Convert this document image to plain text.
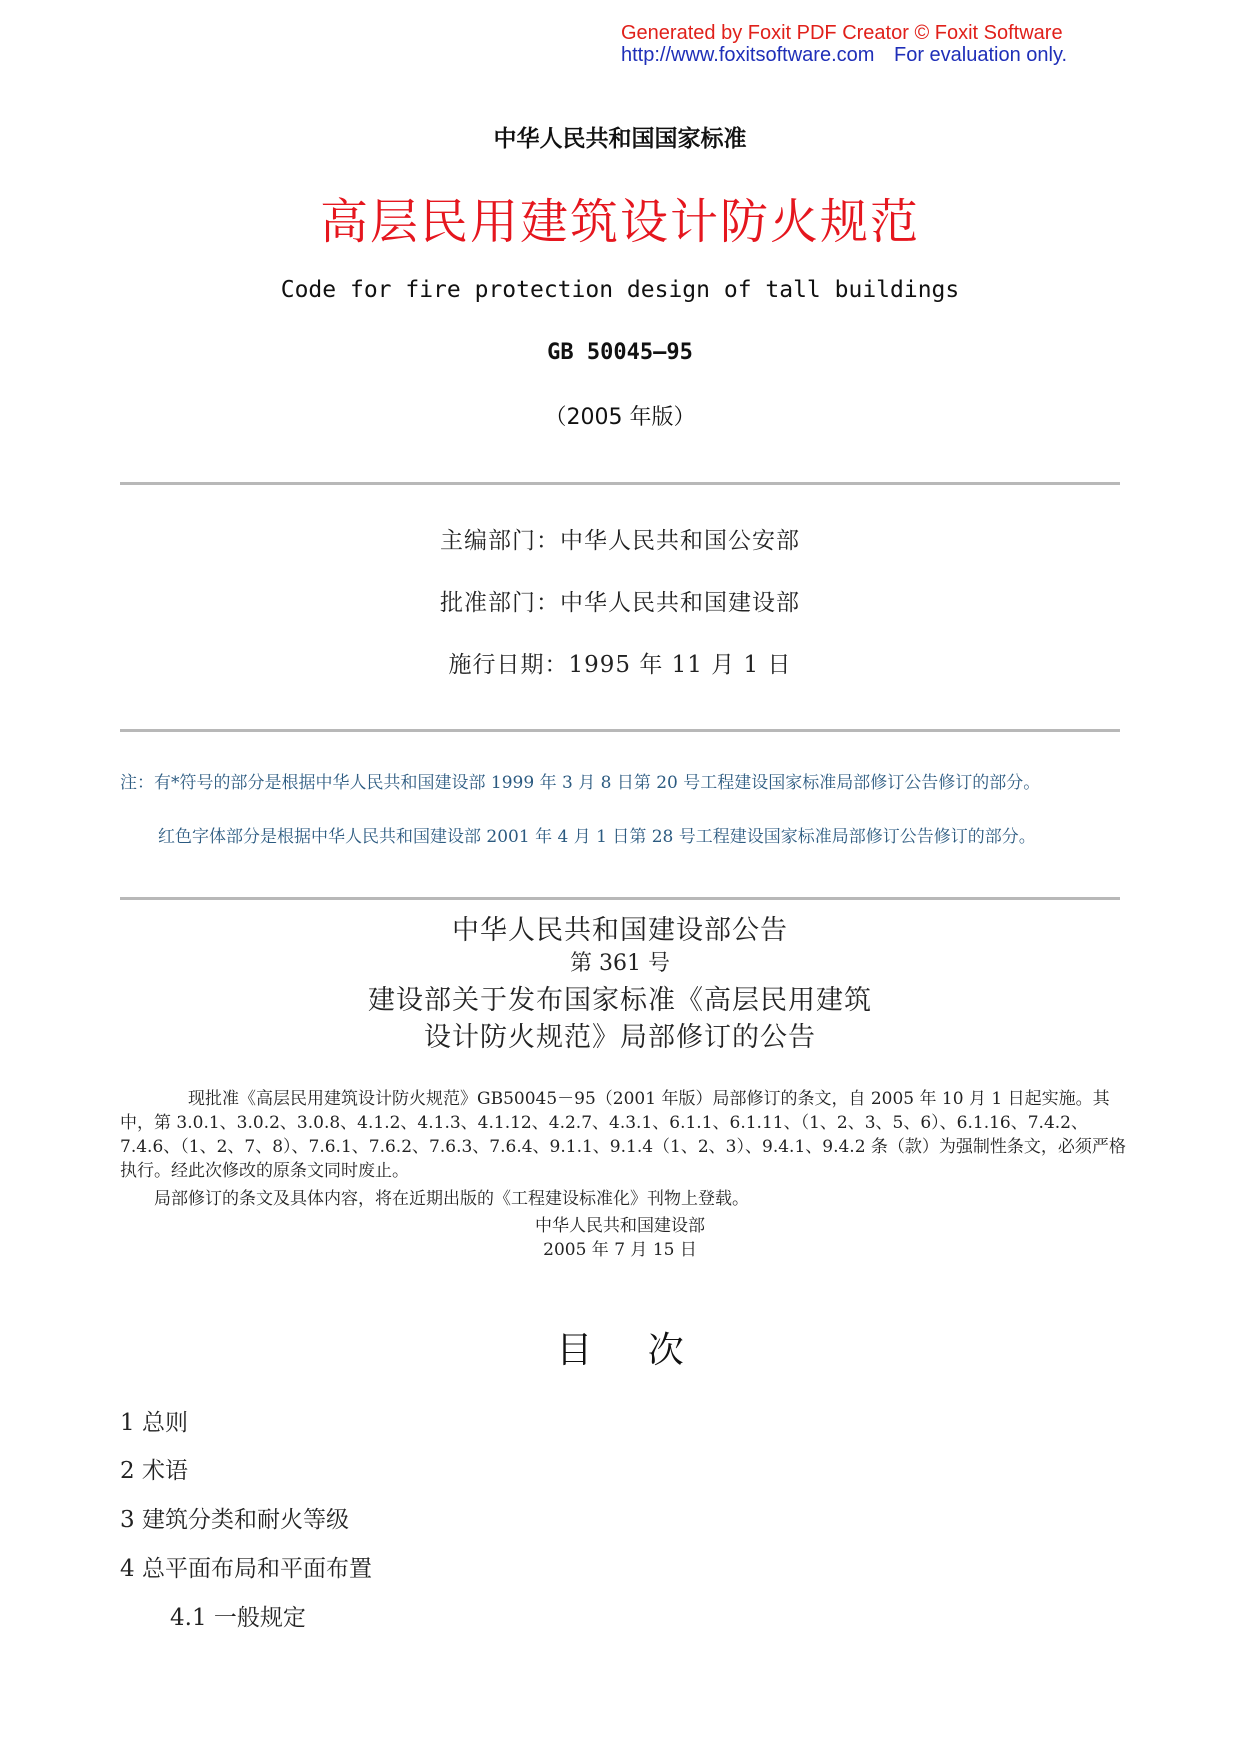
Generated by Foxit PDF Creator © Foxit Software
http://www.foxitsoftware.com For evaluation only.
中华人民共和国国家标准
高层民用建筑设计防火规范
Code for fire protection design of tall buildings
GB 50045—95
（2005 年版）
主编部门：中华人民共和国公安部
批准部门：中华人民共和国建设部
施行日期：1995 年 11 月 1 日
注：有*符号的部分是根据中华人民共和国建设部 1999 年 3 月 8 日第 20 号工程建设国家标准局部修订公告修订的部分。
红色字体部分是根据中华人民共和国建设部 2001 年 4 月 1 日第 28 号工程建设国家标准局部修订公告修订的部分。
中华人民共和国建设部公告
第 361 号
建设部关于发布国家标准《高层民用建筑
设计防火规范》局部修订的公告

现批准《高层民用建筑设计防火规范》GB50045－95（2001 年版）局部修订的条文，自 2005 年 10 月 1 日起实施。其中，第 3.0.1、3.0.2、3.0.8、4.1.2、4.1.3、4.1.12、4.2.7、4.3.1、6.1.1、6.1.11、（1、2、3、5、6）、6.1.16、7.4.2、7.4.6、（1、2、7、8）、7.6.1、7.6.2、7.6.3、7.6.4、9.1.1、9.1.4（1、2、3）、9.4.1、9.4.2 条（款）为强制性条文，必须严格执行。经此次修改的原条文同时废止。

局部修订的条文及具体内容，将在近期出版的《工程建设标准化》刊物上登载。

中华人民共和国建设部
2005 年 7 月 15 日
目 次
1 总则
2 术语
3 建筑分类和耐火等级
4 总平面布局和平面布置
4.1 一般规定
